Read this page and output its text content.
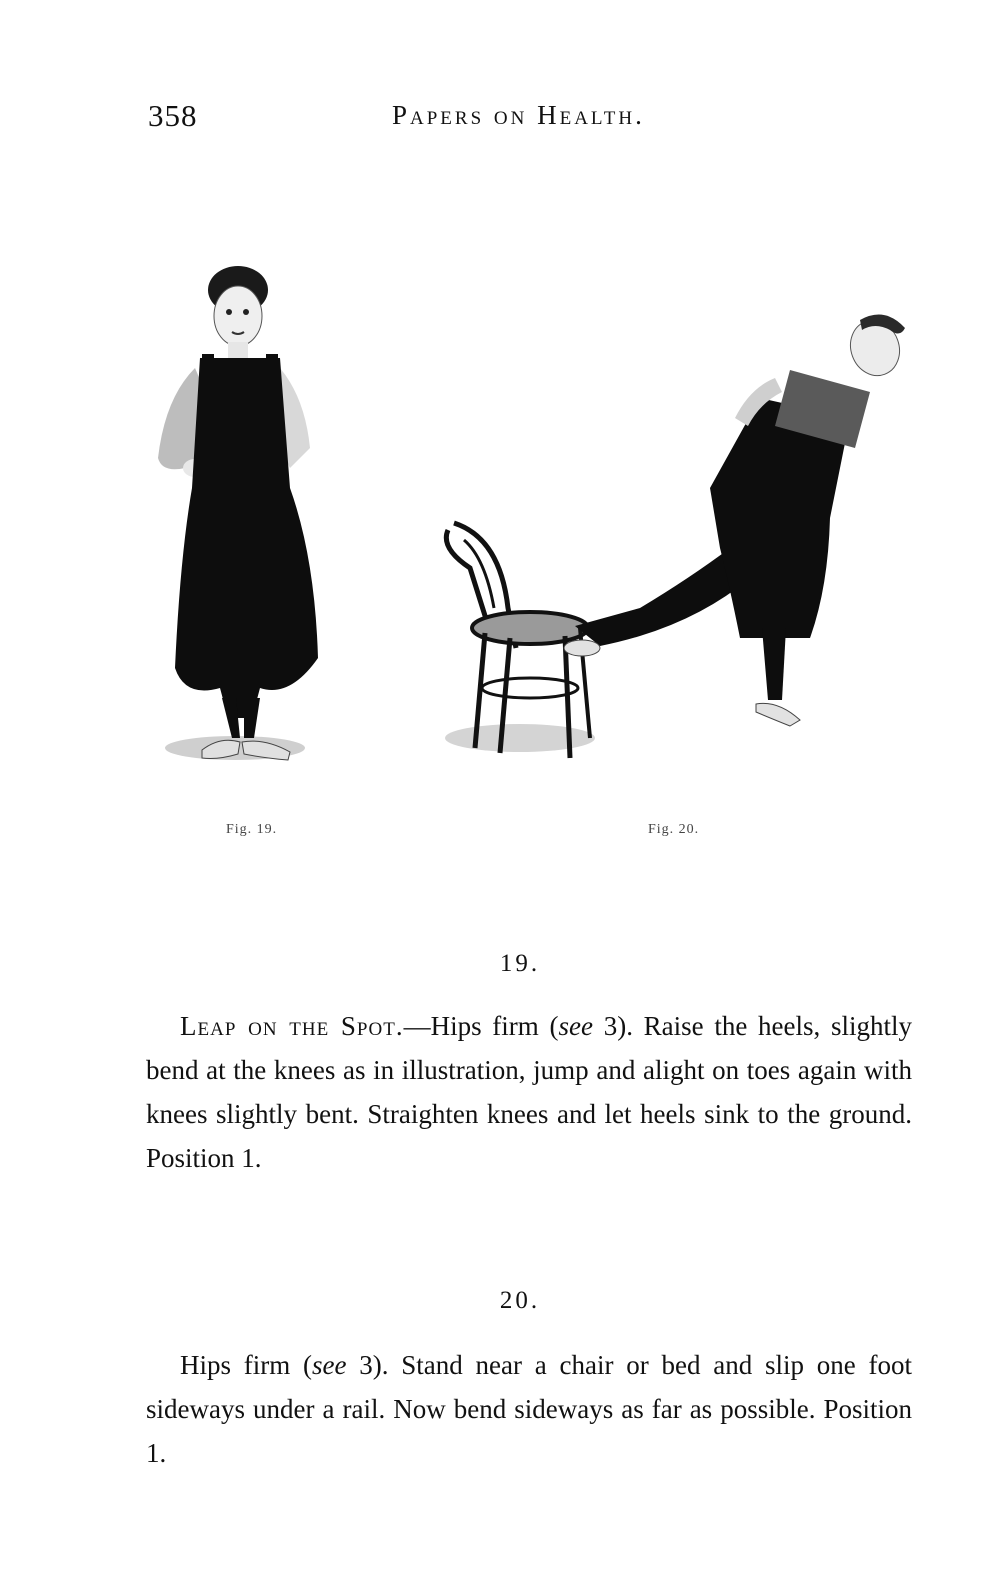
358	Papers on Health.
Fig. 19.	Fig. 20.
19.
Leap on the Spot.—Hips firm (see 3). Raise the heels, slightly bend at the knees as in illustration, jump and alight on toes again with knees slightly bent. Straighten knees and let heels sink to the ground. Position 1.
20.
Hips firm (see 3). Stand near a chair or bed and slip one foot sideways under a rail. Now bend sideways as far as possible. Position 1.
